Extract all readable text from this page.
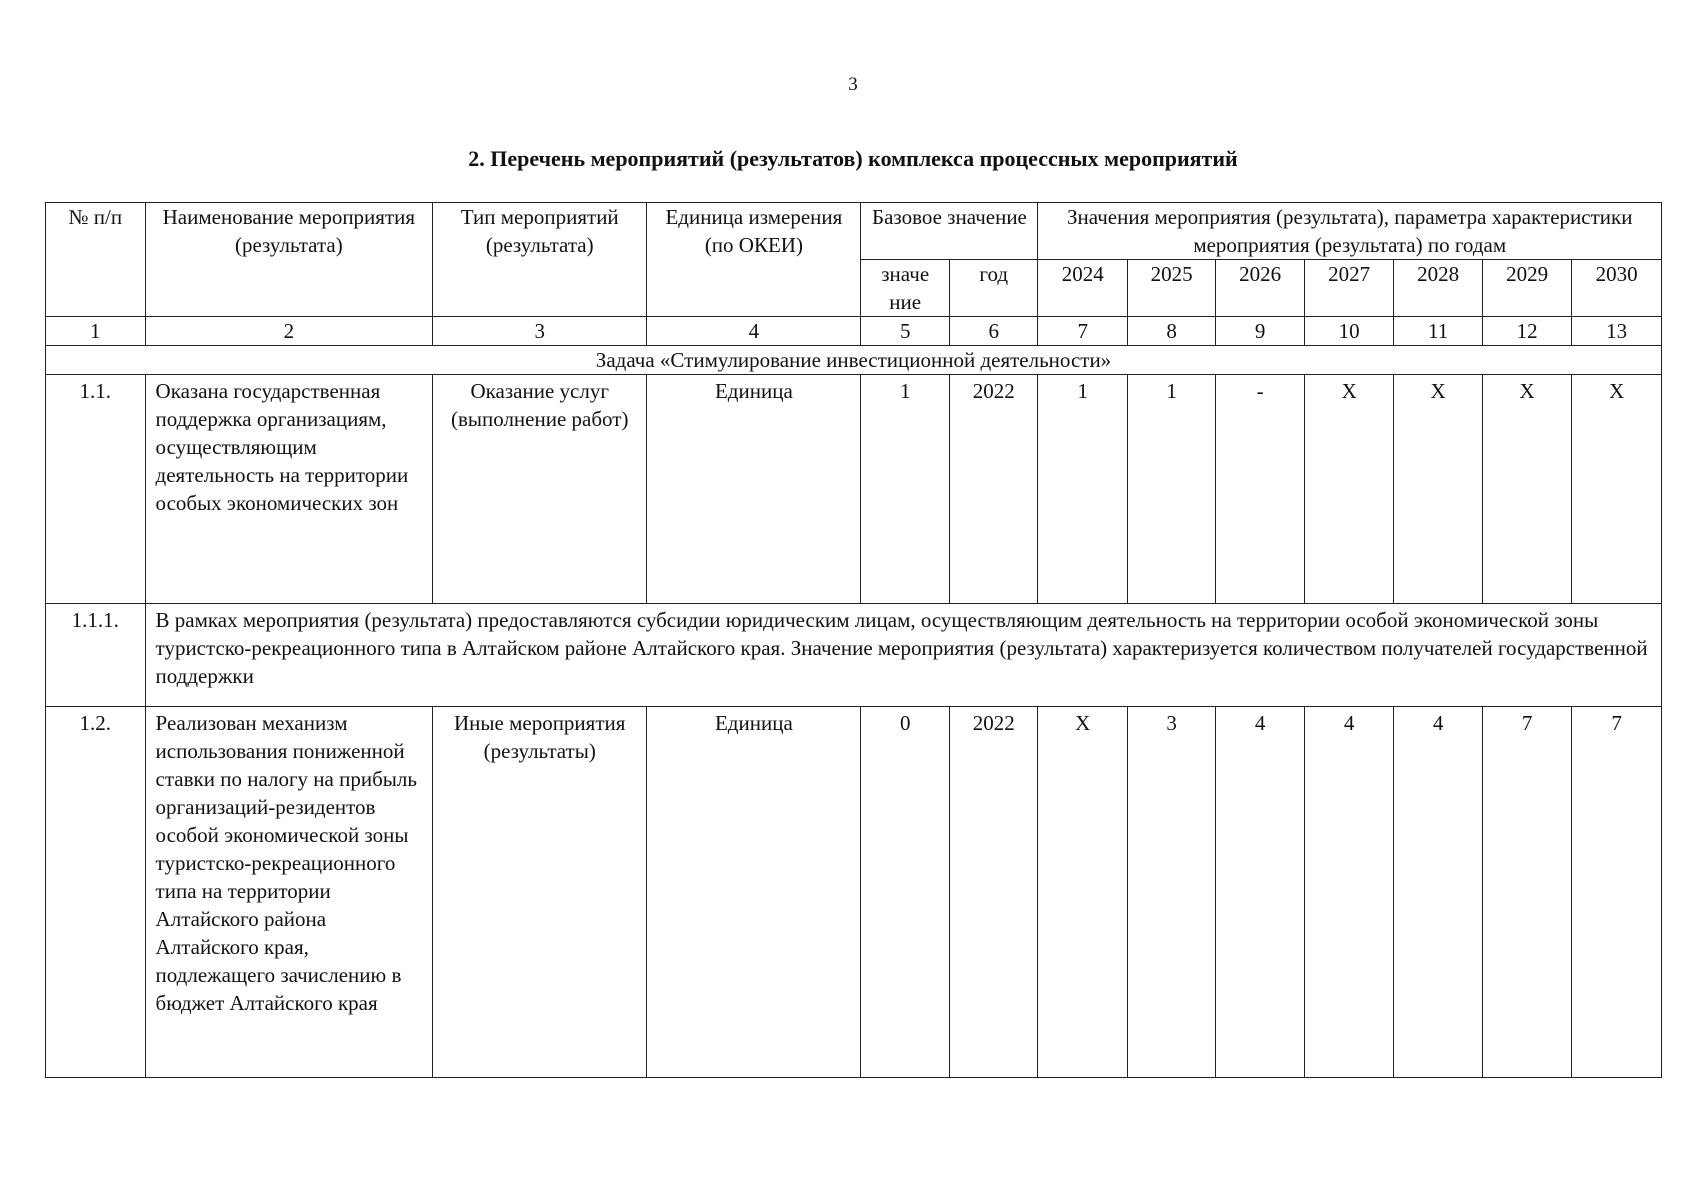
3
2. Перечень мероприятий (результатов) комплекса процессных мероприятий
№ п/п	Наименование мероприятия (результата)	Тип мероприятий (результата)	Единица измерения (по ОКЕИ)	Базовое значение		Значения мероприятия (результата), параметра характеристики мероприятия (результата) по годам						
				значе ние	год	2024	2025	2026	2027	2028	2029	2030
1	2	3	4	5	6	7	8	9	10	11	12	13
Задача «Стимулирование инвестиционной деятельности»												
1.1.	Оказана государственная поддержка организациям, осуществляющим деятельность на территории особых экономических зон	Оказание услуг (выполнение работ)	Единица	1	2022	1	1	-	X	X	X	X
1.1.1.	В рамках мероприятия (результата) предоставляются субсидии юридическим лицам, осуществляющим деятельность на территории особой экономической зоны туристско-рекреационного типа в Алтайском районе Алтайского края. Значение мероприятия (результата) характеризуется количеством получателей государственной поддержки											
1.2.	Реализован механизм использования пониженной ставки по налогу на прибыль организаций-резидентов особой экономической зоны туристско-рекреационного типа на территории Алтайского района Алтайского края, подлежащего зачислению в бюджет Алтайского края	Иные мероприятия (результаты)	Единица	0	2022	X	3	4	4	4	7	7
